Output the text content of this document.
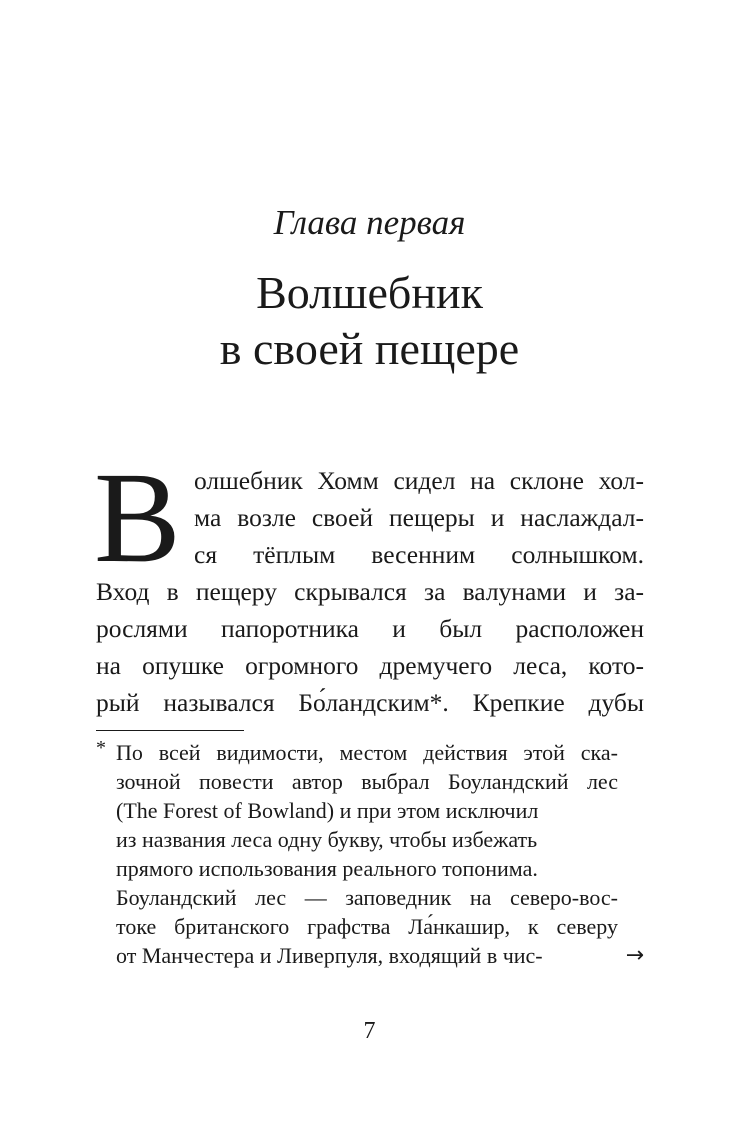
Глава первая
Волшебник
в своей пещере
В олшебник Хомм сидел на склоне хол-
ма возле своей пещеры и наслаждал-
ся тёплым весенним солнышком.
Вход в пещеру скрывался за валунами и за-
рослями папоротника и был расположен
на опушке огромного дремучего леса, кото-
рый назывался Бо́ландским*. Крепкие дубы
* По всей видимости, местом действия этой ска-
зочной повести автор выбрал Боуландский лес
(The Forest of Bowland) и при этом исключил
из названия леса одну букву, чтобы избежать
прямого использования реального топонима.
Боуландский лес — заповедник на северо-вос-
токе британского графства Ла́нкашир, к северу
от Манчестера и Ливерпуля, входящий в чис-	→
7
